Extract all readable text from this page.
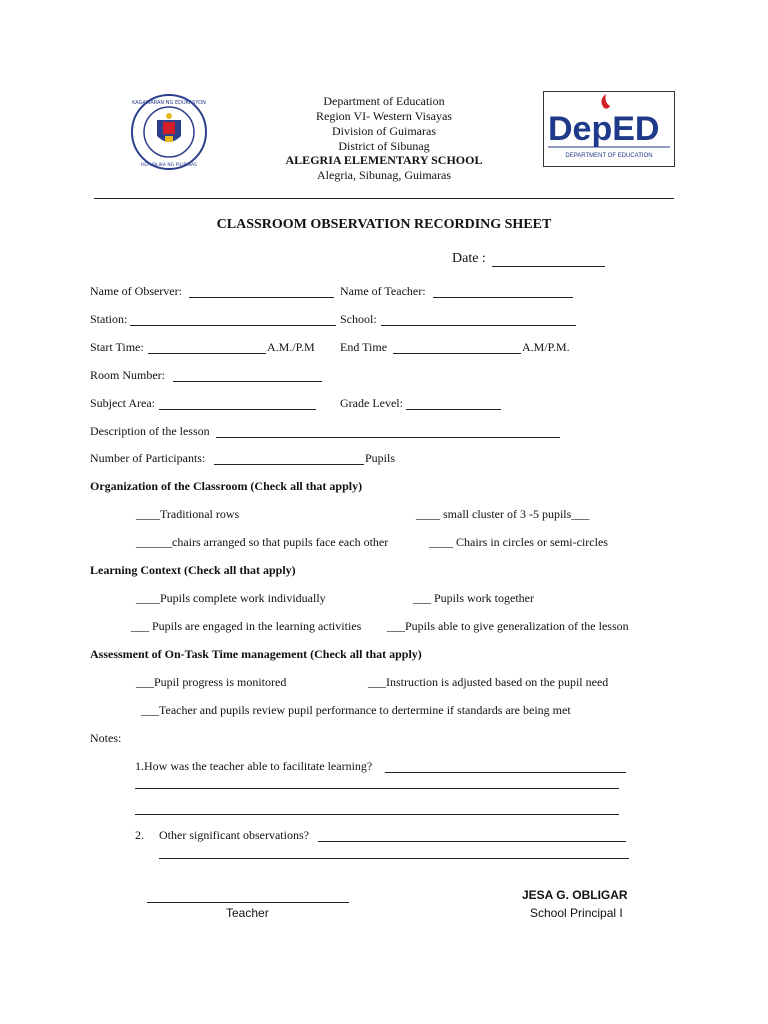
KAGAWARAN NG EDUKASYON
REPUBLIKA NG PILIPINAS
DepED
DEPARTMENT OF EDUCATION
Department of Education
Region VI- Western Visayas
Division of Guimaras
District of Sibunag
ALEGRIA ELEMENTARY SCHOOL
Alegria, Sibunag, Guimaras
CLASSROOM OBSERVATION RECORDING SHEET
Date :
Name of Observer:	Name of Teacher:
Station:	School:
Start Time:	A.M./P.M End Time	A.M/P.M.
Room Number:
Subject Area:	Grade Level:
Description of the lesson
Number of Participants:	Pupils
Organization of the Classroom (Check all that apply)
____Traditional rows	____ small cluster of 3 -5 pupils___
______chairs arranged so that pupils face each other	____ Chairs in circles or semi-circles
Learning Context (Check all that apply)
____Pupils complete work individually	___ Pupils work together
___ Pupils are engaged in the learning activities ___Pupils able to give generalization of the lesson
Assessment of On-Task Time management (Check all that apply)
___Pupil progress is monitored	___Instruction is adjusted based on the pupil need
___Teacher and pupils review pupil performance to dertermine if standards are being met
Notes:
1.How was the teacher able to facilitate learning?
2. Other significant observations?
Teacher
JESA G. OBLIGAR
School Principal I
